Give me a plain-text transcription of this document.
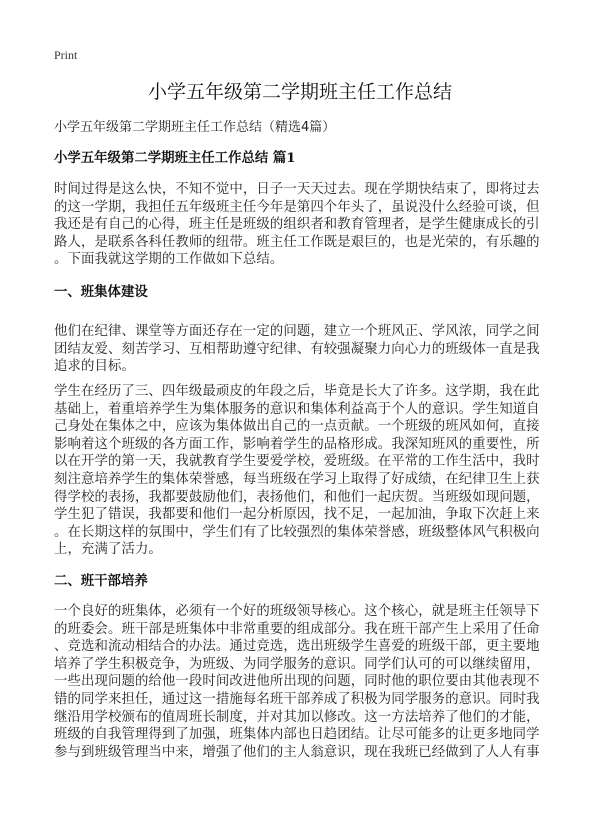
Print
小学五年级第二学期班主任工作总结
小学五年级第二学期班主任工作总结（精选4篇）
小学五年级第二学期班主任工作总结 篇1
时间过得是这么快，不知不觉中，日子一天天过去。现在学期快结束了，即将过去
的这一学期，我担任五年级班主任今年是第四个年头了，虽说没什么经验可谈，但
我还是有自己的心得，班主任是班级的组织者和教育管理者，是学生健康成长的引
路人，是联系各科任教师的纽带。班主任工作既是艰巨的，也是光荣的，有乐趣的
。下面我就这学期的工作做如下总结。
一、班集体建设
他们在纪律、课堂等方面还存在一定的问题，建立一个班风正、学风浓，同学之间
团结友爱、刻苦学习、互相帮助遵守纪律、有较强凝聚力向心力的班级体一直是我
追求的目标。
学生在经历了三、四年级最顽皮的年段之后，毕竟是长大了许多。这学期，我在此
基础上，着重培养学生为集体服务的意识和集体利益高于个人的意识。学生知道自
己身处在集体之中，应该为集体做出自己的一点贡献。一个班级的班风如何，直接
影响着这个班级的各方面工作，影响着学生的品格形成。我深知班风的重要性，所
以在开学的第一天，我就教育学生要爱学校，爱班级。在平常的工作生活中，我时
刻注意培养学生的集体荣誉感，每当班级在学习上取得了好成绩，在纪律卫生上获
得学校的表扬，我都要鼓励他们，表扬他们，和他们一起庆贺。当班级如现问题，
学生犯了错误，我都要和他们一起分析原因，找不足，一起加油，争取下次赶上来
。在长期这样的氛围中，学生们有了比较强烈的集体荣誉感，班级整体风气积极向
上，充满了活力。
二、班干部培养
一个良好的班集体，必须有一个好的班级领导核心。这个核心，就是班主任领导下
的班委会。班干部是班集体中非常重要的组成部分。我在班干部产生上采用了任命
、竞选和流动相结合的办法。通过竞选，选出班级学生喜爱的班级干部，更主要地
培养了学生积极竞争，为班级、为同学服务的意识。同学们认可的可以继续留用，
一些出现问题的给他一段时间改进他所出现的问题，同时他的职位要由其他表现不
错的同学来担任，通过这一措施每名班干部养成了积极为同学服务的意识。同时我
继沿用学校颁布的值周班长制度，并对其加以修改。这一方法培养了他们的才能，
班级的自我管理得到了加强，班集体内部也日趋团结。让尽可能多的让更多地同学
参与到班级管理当中来，增强了他们的主人翁意识，现在我班已经做到了人人有事
